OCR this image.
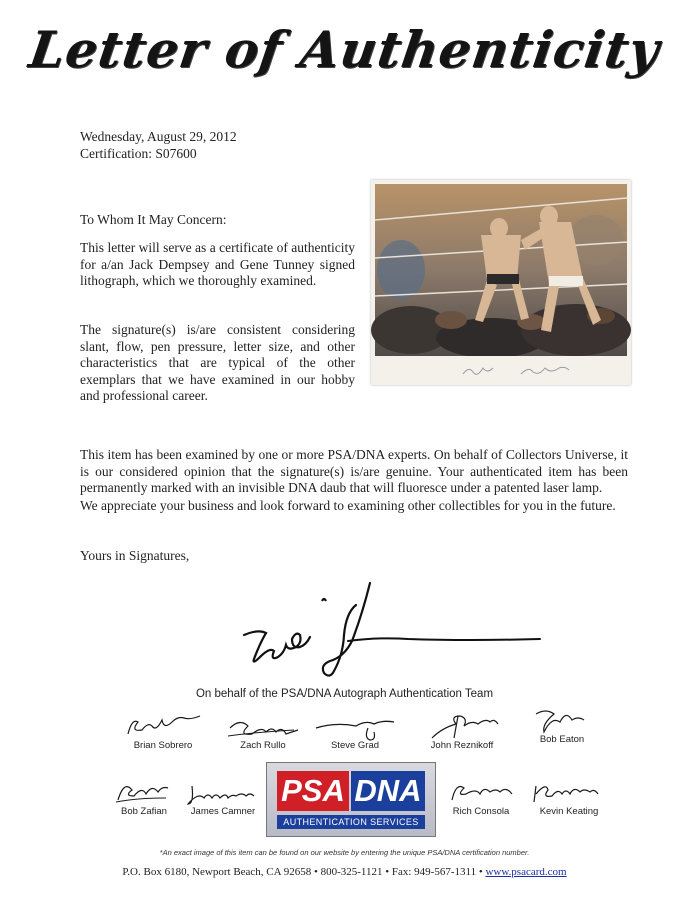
Letter of Authenticity
Wednesday, August 29, 2012
Certification: S07600
To Whom It May Concern:
This letter will serve as a certificate of authenticity for a/an Jack Dempsey and Gene Tunney signed lithograph, which we thoroughly examined.
The signature(s) is/are consistent considering slant, flow, pen pressure, letter size, and other characteristics that are typical of the other exemplars that we have examined in our hobby and professional career.
This item has been examined by one or more PSA/DNA experts. On behalf of Collectors Universe, it is our considered opinion that the signature(s) is/are genuine. Your authenticated item has been permanently marked with an invisible DNA daub that will fluoresce under a patented laser lamp.
We appreciate your business and look forward to examining other collectibles for you in the future.
Yours in Signatures,
On behalf of the PSA/DNA Autograph Authentication Team
Brian Sobrero	Zach Rullo	Steve Grad	John Reznikoff
Bob Eaton
Bob Zafian	James Camner	Rich Consola	Kevin Keating
PSA DNA
AUTHENTICATION SERVICES
*An exact image of this item can be found on our website by entering the unique PSA/DNA certification number.
P.O. Box 6180, Newport Beach, CA 92658 • 800-325-1121 • Fax: 949-567-1311 • www.psacard.com
